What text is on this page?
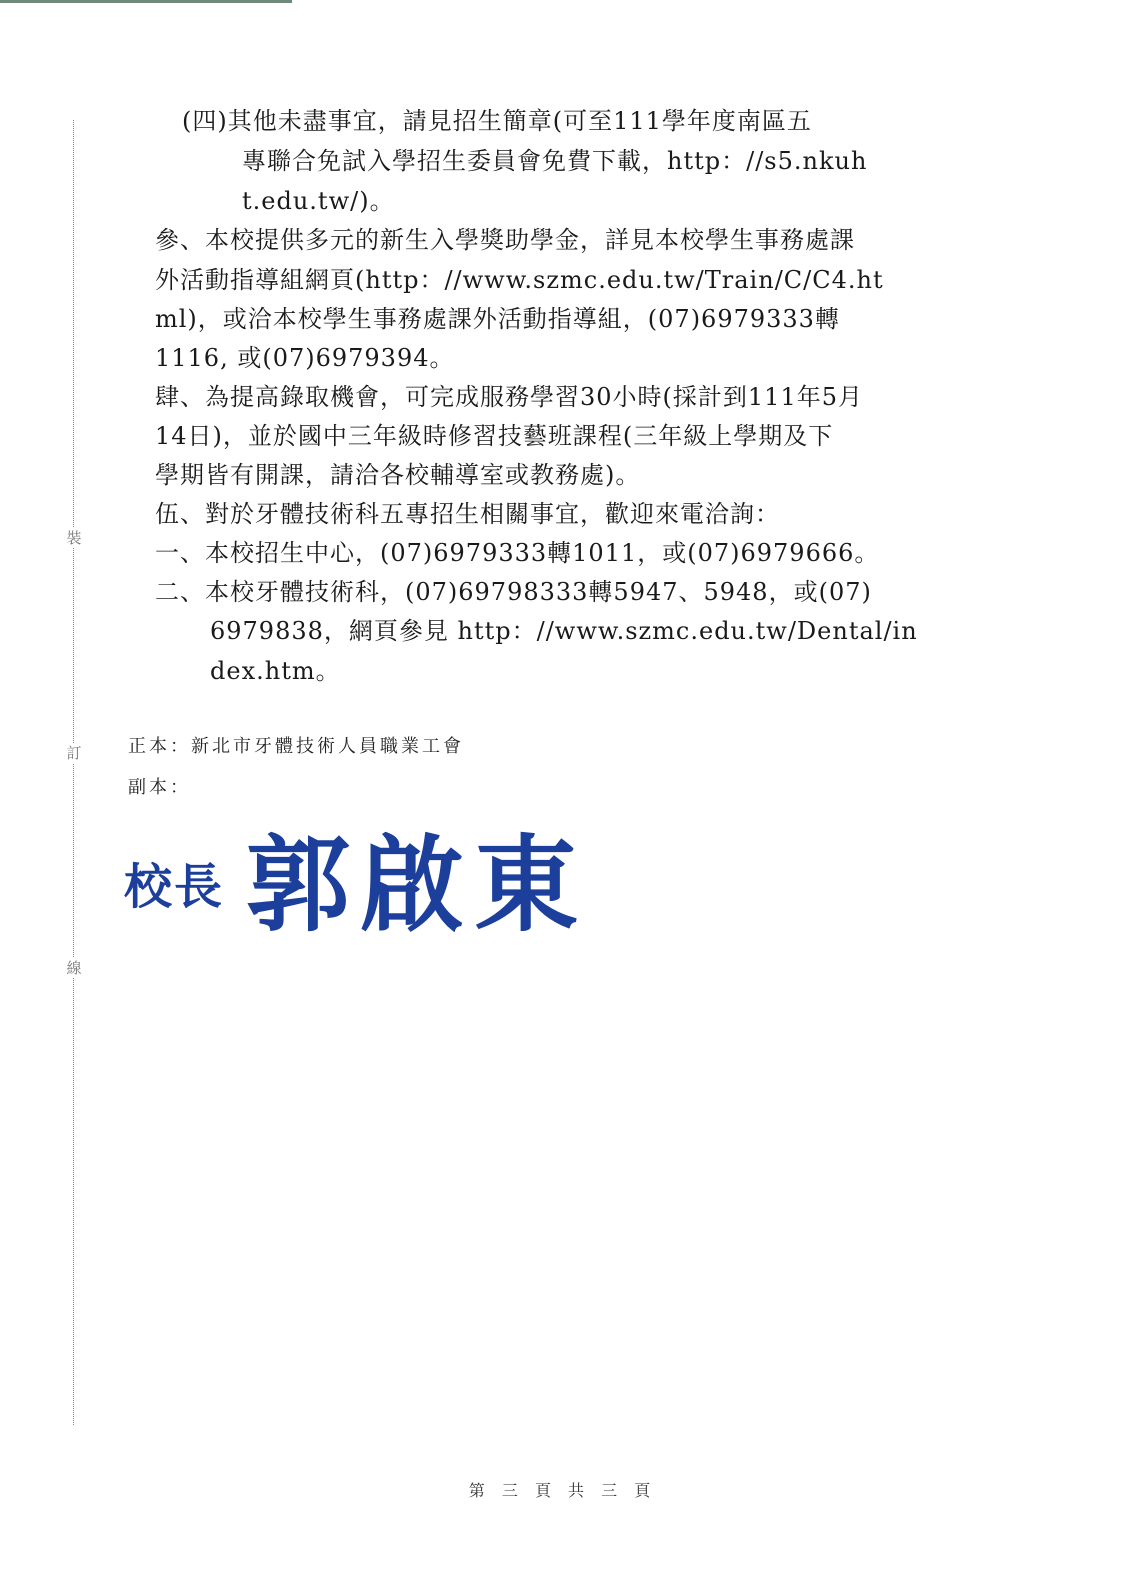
裝
訂
線
(四)其他未盡事宜，請見招生簡章(可至111學年度南區五
專聯合免試入學招生委員會免費下載，http：//s5.nkuh
t.edu.tw/)。
參、本校提供多元的新生入學獎助學金，詳見本校學生事務處課
外活動指導組網頁(http：//www.szmc.edu.tw/Train/C/C4.ht
ml)，或洽本校學生事務處課外活動指導組，(07)6979333轉
1116, 或(07)6979394。
肆、為提高錄取機會，可完成服務學習30小時(採計到111年5月
14日)，並於國中三年級時修習技藝班課程(三年級上學期及下
學期皆有開課，請洽各校輔導室或教務處)。
伍、對於牙體技術科五專招生相關事宜，歡迎來電洽詢：
一、本校招生中心，(07)6979333轉1011，或(07)6979666。
二、本校牙體技術科，(07)69798333轉5947、5948，或(07)
6979838，網頁參見 http：//www.szmc.edu.tw/Dental/in
dex.htm。
正本：新北市牙體技術人員職業工會
副本：
校長 郭啟東
第 三 頁 共 三 頁
